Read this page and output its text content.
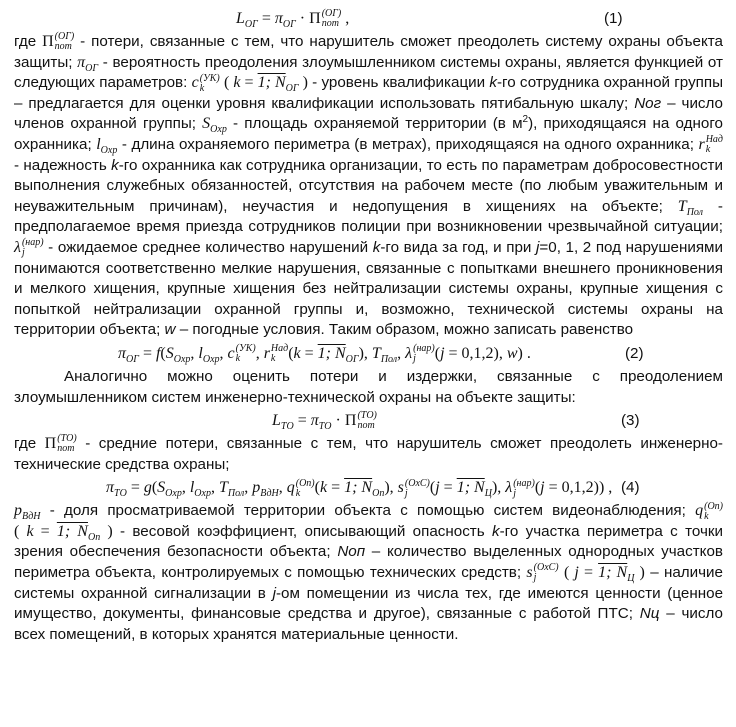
$L_{ОГ} = \pi_{ОГ} \cdot \Pi$ (ОГ)
пот ,	(1)

где Π (ОГ)
пот - потери, связанные с тем, что нарушитель сможет преодолеть систему охраны объекта защиты; $\pi_{ОГ}$ - вероятность преодоления злоумышленником системы охраны, является функцией от следующих параметров: c (УК)
k	( k = 1; $N_{ОГ}$ ) - уровень квалификации k-го сотрудника охранной группы – предлагается для оценки уровня квалификации использовать пятибальную шкалу; Nог – число членов охранной группы; $S_{Охр}$ - площадь охраняемой территории (в $м^2$), приходящаяся на одного охранника; $l_{Охр}$ - длина охраняемого периметра (в метрах), приходящаяся на одного охранника; r Над
k
- надежность k-го охранника как сотрудника организации, то есть по параметрам добросовестности выполнения служебных обязанностей, отсутствия на рабочем месте (по любым уважительным и неуважительным причинам), неучастия и недопущения в хищениях на объекте; $T_{Пол}$ - предполагаемое время приезда сотрудников полиции при возникновении чрезвычайной ситуации; λ (нар)
j	- ожидаемое среднее количество нарушений k-го вида за год, и при j=0, 1, 2 под нарушениями понимаются соответственно мелкие нарушения, связанные с попытками внешнего проникновения и мелкого хищения, крупные хищения без нейтрализации системы охраны, крупные хищения с попыткой нейтрализации охранной группы и, возможно, технической системы охраны на территории объекта; w – погодные условия. Таким образом, можно записать равенство

$\pi_{ОГ} = f(S_{Охр}$, $l_{Охр}$, c (УК)
k , r Над
k (k = 1; $N_{ОГ}$), $T_{Пол}$, λ (нар)
j	(j = 0,1,2), w) .	(2)

Аналогично можно оценить потери и издержки, связанные с преодолением злоумышленником систем инженерно-технической охраны на объекте защиты:

$L_{ТО} = \pi_{ТО} \cdot \Pi$ (ТО)
пот	(3)

где Π (ТО)
пот - средние потери, связанные с тем, что нарушитель сможет преодолеть инженерно-технические средства охраны;

$\pi_{ТО} = g(S_{Охр}$, $l_{Охр}$, $T_{Пол}$, $p_{ВдН}$, q (Оп)
k (k = 1; $N_{Оп}$), s (ОхС)
j	(j = 1; $N_Ц$), λ (нар)
j	(j = 0,1,2)) , (4)

$p_{ВдН}$ - доля просматриваемой территории объекта с помощью систем видеонаблюдения; q (Оп)
k
( k = 1; $N_{Оп}$ ) - весовой коэффициент, описывающий опасность k-го участка периметра с точки зрения обеспечения безопасности объекта; Nоп – количество выделенных однородных участков периметра объекта, контролируемых с помощью технических средств; s (ОхС)
j	( j = 1; $N_Ц$ ) – наличие системы охранной сигнализации в j-ом помещении из числа тех, где имеются ценности (ценное имущество, документы, финансовые средства и другое), связанные с работой ПТС; Nц – число всех помещений, в которых хранятся материальные ценности.
